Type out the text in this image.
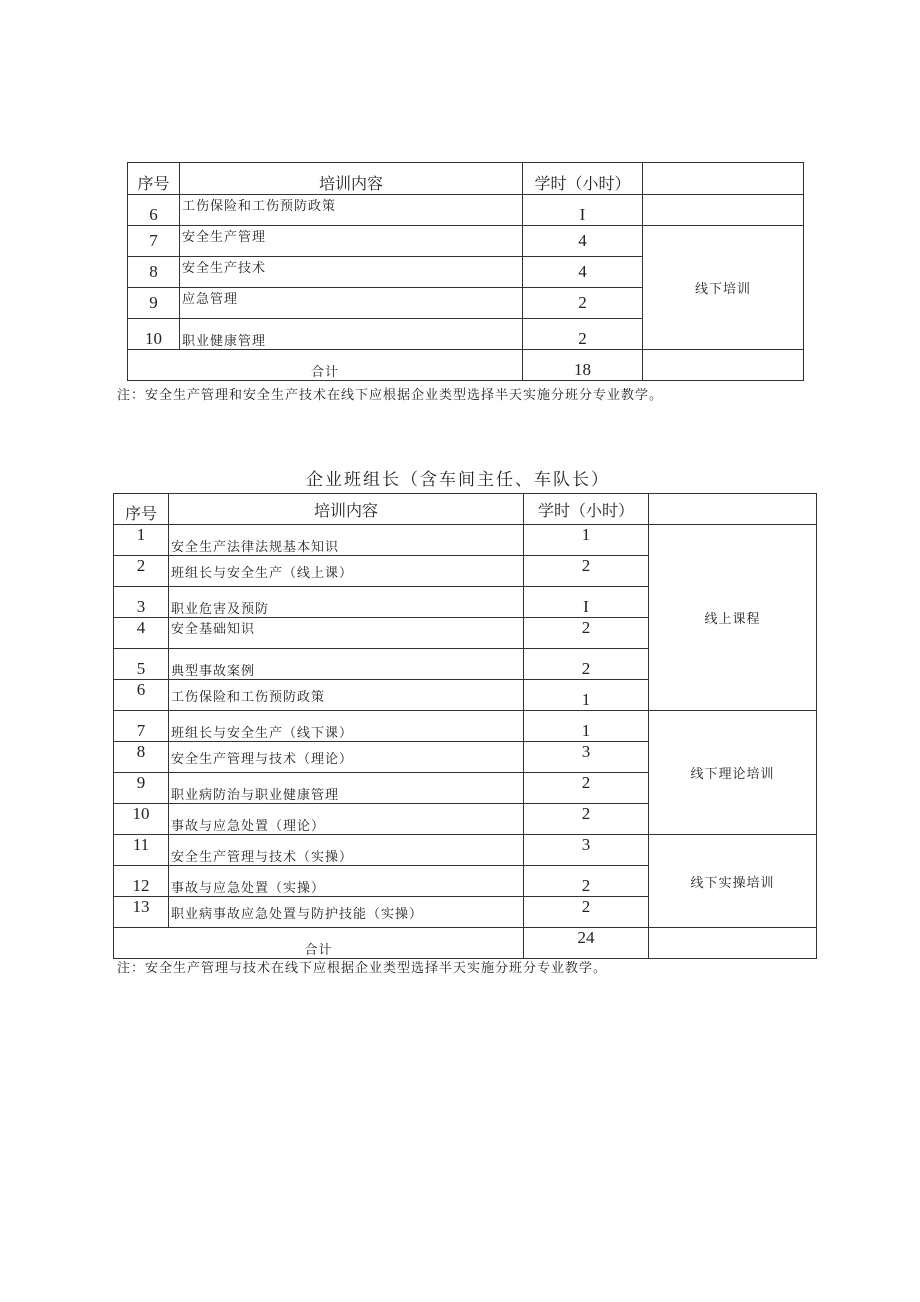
序号	培训内容	学时（小时）	
6	工伤保险和工伤预防政策	I	
7	安全生产管理	4	线下培训
8	安全生产技术	4	
9	应急管理	2	
10	职业健康管理	2	
合计		18	
注：安全生产管理和安全生产技术在线下应根据企业类型选择半天实施分班分专业教学。
企业班组长（含车间主任、车队长）
序号	培训内容	学时（小时）	
1	安全生产法律法规基本知识	1	线上课程
2	班组长与安全生产（线上课）	2	
3	职业危害及预防	I	
4	安全基础知识	2	
5	典型事故案例	2	
6	工伤保险和工伤预防政策	1	
7	班组长与安全生产（线下课）	1	线下理论培训
8	安全生产管理与技术（理论）	3	
9	职业病防治与职业健康管理	2	
10	事故与应急处置（理论）	2	
11	安全生产管理与技术（实操）	3	线下实操培训
12	事故与应急处置（实操）	2	
13	职业病事故应急处置与防护技能（实操）	2	
合计		24	
注：安全生产管理与技术在线下应根据企业类型选择半天实施分班分专业教学。
